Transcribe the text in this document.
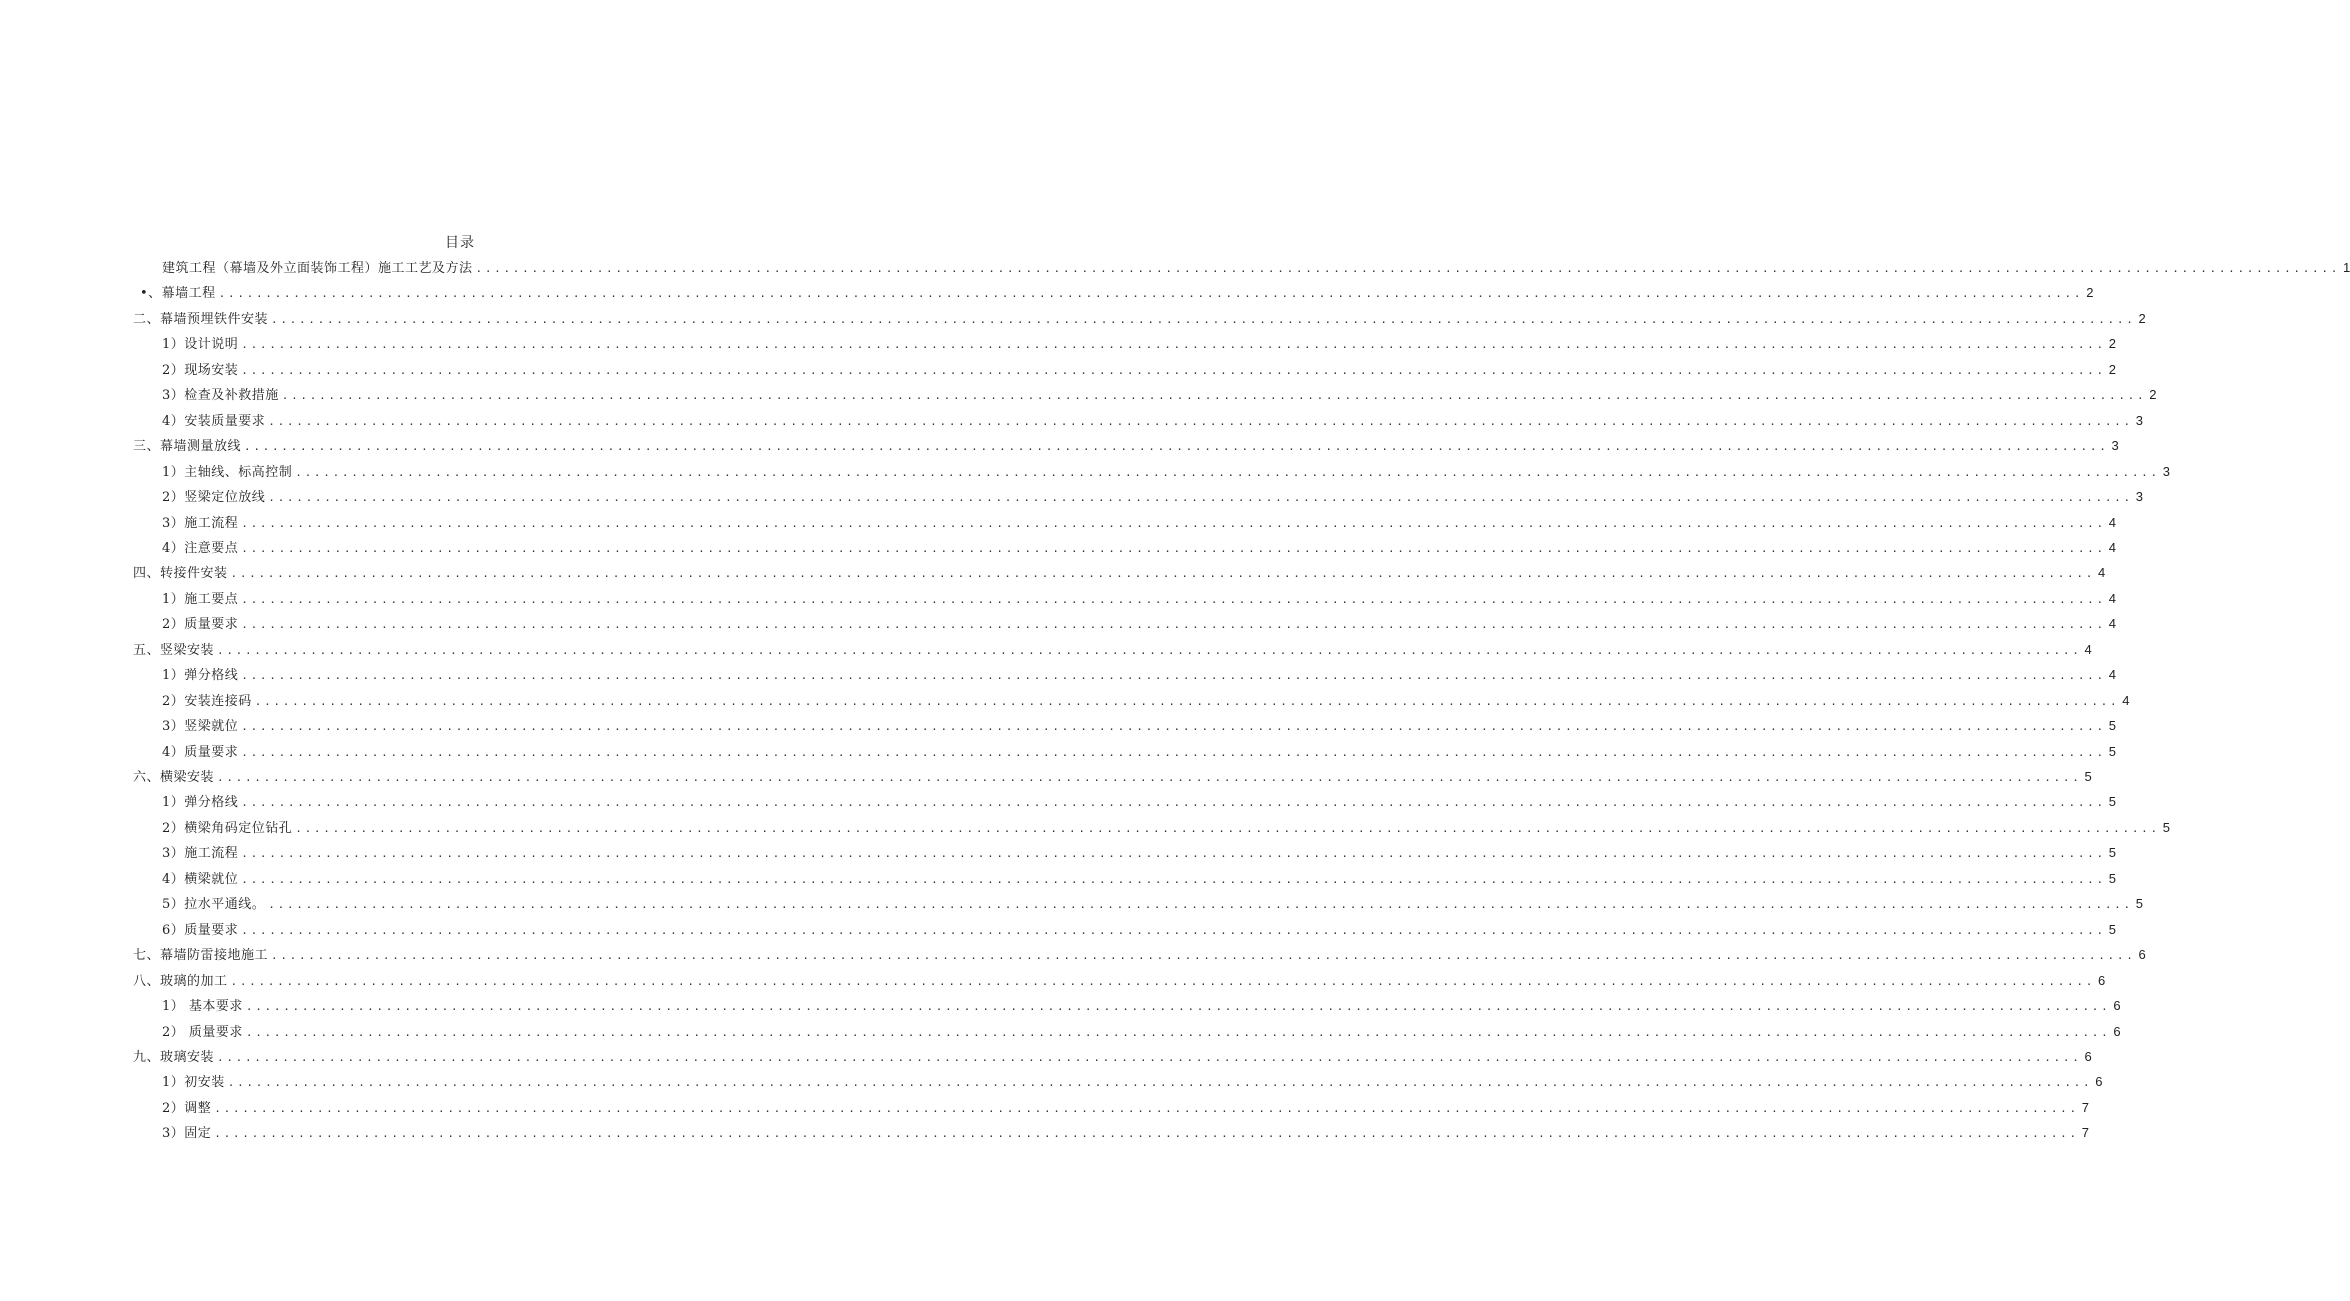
目录
建筑工程（幕墙及外立面装饰工程）施工工艺及方法 ........................................................................................................................................................................................................ 1
•、幕墙工程 ........................................................................................................................................................................................................ 2
二、幕墙预埋铁件安装 ........................................................................................................................................................................................................ 2
1）设计说明 ........................................................................................................................................................................................................ 2
2）现场安装 ........................................................................................................................................................................................................ 2
3）检查及补救措施 ........................................................................................................................................................................................................ 2
4）安装质量要求 ........................................................................................................................................................................................................ 3
三、幕墙测量放线 ........................................................................................................................................................................................................ 3
1）主轴线、标高控制 ........................................................................................................................................................................................................ 3
2）竖梁定位放线 ........................................................................................................................................................................................................ 3
3）施工流程 ........................................................................................................................................................................................................ 4
4）注意要点 ........................................................................................................................................................................................................ 4
四、转接件安装 ........................................................................................................................................................................................................ 4
1）施工要点 ........................................................................................................................................................................................................ 4
2）质量要求 ........................................................................................................................................................................................................ 4
五、竖梁安装 ........................................................................................................................................................................................................ 4
1）弹分格线 ........................................................................................................................................................................................................ 4
2）安装连接码 ........................................................................................................................................................................................................ 4
3）竖梁就位 ........................................................................................................................................................................................................ 5
4）质量要求 ........................................................................................................................................................................................................ 5
六、横梁安装 ........................................................................................................................................................................................................ 5
1）弹分格线 ........................................................................................................................................................................................................ 5
2）横梁角码定位钻孔 ........................................................................................................................................................................................................ 5
3）施工流程 ........................................................................................................................................................................................................ 5
4）横梁就位 ........................................................................................................................................................................................................ 5
5）拉水平通线。 ........................................................................................................................................................................................................ 5
6）质量要求 ........................................................................................................................................................................................................ 5
七、幕墙防雷接地施工 ........................................................................................................................................................................................................ 6
八、玻璃的加工 ........................................................................................................................................................................................................ 6
1） 基本要求 ........................................................................................................................................................................................................ 6
2） 质量要求 ........................................................................................................................................................................................................ 6
九、玻璃安装 ........................................................................................................................................................................................................ 6
1）初安装 ........................................................................................................................................................................................................ 6
2）调整 ........................................................................................................................................................................................................ 7
3）固定 ........................................................................................................................................................................................................ 7
